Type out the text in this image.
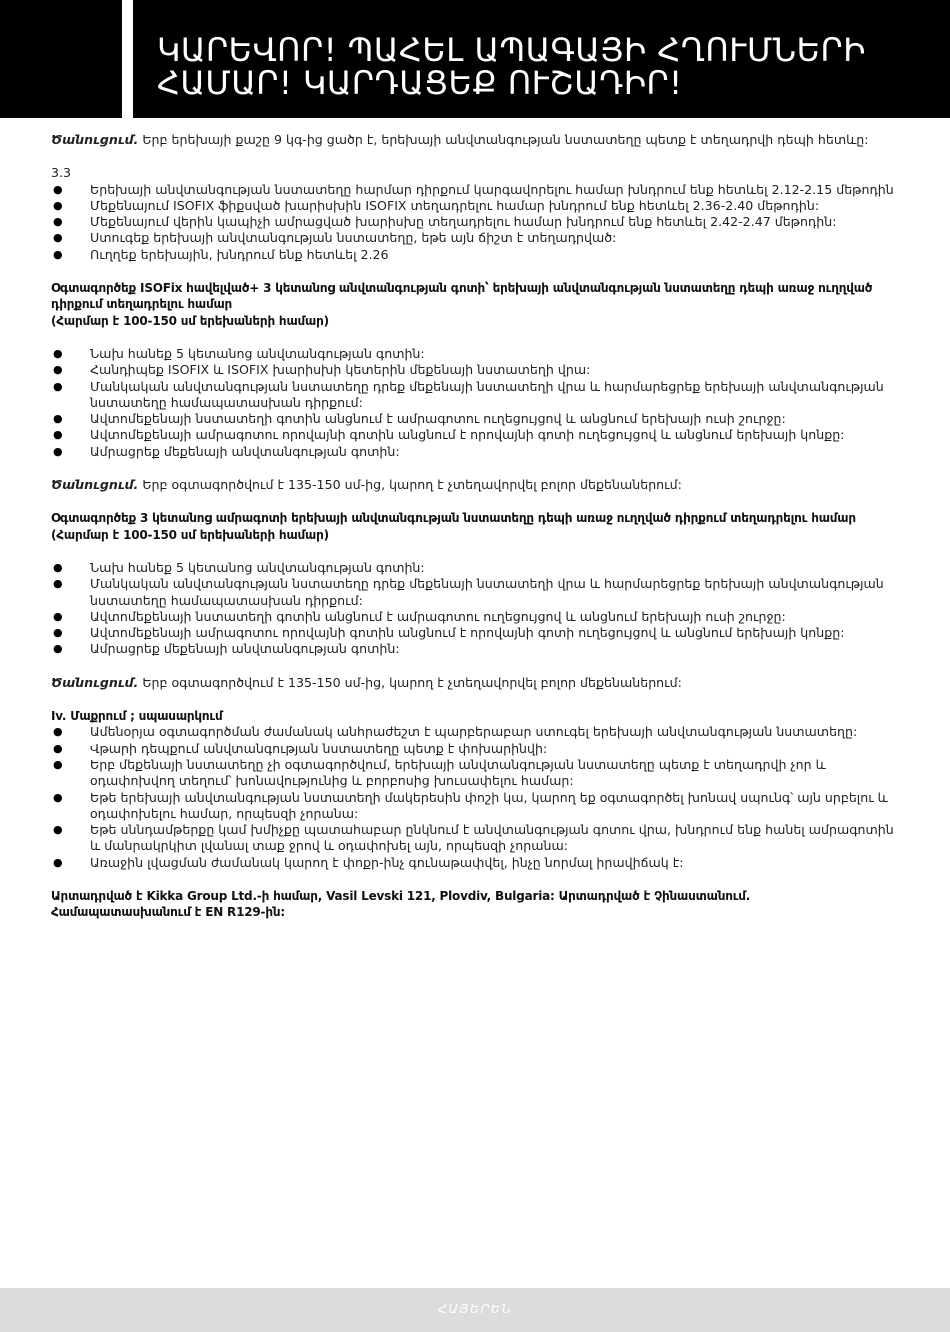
ԿԱՐԵՎՈՐ! ՊԱՀԵԼ ԱՊԱԳԱՅԻ ՀՂՈՒՄՆԵՐԻ
ՀԱՄԱՐ! ԿԱՐԴԱՑԵՔ ՈՒՇԱԴԻՐ!

Ծանուցում. Երբ երեխայի քաշը 9 կգ-ից ցածր է, երեխայի անվտանգության նստատեղը պետք է տեղադրվի դեպի հետևը:

3.3

● Երեխայի անվտանգության նստատեղը հարմար դիրքում կարգավորելու համար խնդրում ենք հետևել 2.12-2.15 մեթոդին
● Մեքենայում ISOFIX ֆիքսված խարիսխին ISOFIX տեղադրելու համար խնդրում ենք հետևել 2.36-2.40 մեթոդին:
● Մեքենայում վերին կապիչի ամրացված խարիսխը տեղադրելու համար խնդրում ենք հետևել 2.42-2.47 մեթոդին:
● Ստուգեք երեխայի անվտանգության նստատեղը, եթե այն ճիշտ է տեղադրված:
● Ուղղեք երեխային, խնդրում ենք հետևել 2.26

Օգտագործեք ISOFix հավելված+ 3 կետանոց անվտանգության գոտի՝ երեխայի անվտանգության նստատեղը դեպի առաջ ուղղված
դիրքում տեղադրելու համար
(Հարմար է 100-150 սմ երեխաների համար)

● Նախ հանեք 5 կետանոց անվտանգության գոտին:
● Հանդիպեք ISOFIX և ISOFIX խարիսխի կետերին մեքենայի նստատեղի վրա:
● Մանկական անվտանգության նստատեղը դրեք մեքենայի նստատեղի վրա և հարմարեցրեք երեխայի անվտանգության նստատեղը համապատասխան դիրքում:
● Ավտոմեքենայի նստատեղի գոտին անցնում է ամրագոտու ուղեցույցով և անցնում երեխայի ուսի շուրջը:
● Ավտոմեքենայի ամրագոտու որովայնի գոտին անցնում է որովայնի գոտի ուղեցույցով և անցնում երեխայի կոնքը:
● Ամրացրեք մեքենայի անվտանգության գոտին:

Ծանուցում. Երբ օգտագործվում է 135-150 սմ-ից, կարող է չտեղավորվել բոլոր մեքենաներում:

Օգտագործեք 3 կետանոց ամրագոտի երեխայի անվտանգության նստատեղը դեպի առաջ ուղղված դիրքում տեղադրելու համար
(Հարմար է 100-150 սմ երեխաների համար)

● Նախ հանեք 5 կետանոց անվտանգության գոտին:
● Մանկական անվտանգության նստատեղը դրեք մեքենայի նստատեղի վրա և հարմարեցրեք երեխայի անվտանգության նստատեղը համապատասխան դիրքում:
● Ավտոմեքենայի նստատեղի գոտին անցնում է ամրագոտու ուղեցույցով և անցնում երեխայի ուսի շուրջը:
● Ավտոմեքենայի ամրագոտու որովայնի գոտին անցնում է որովայնի գոտի ուղեցույցով և անցնում երեխայի կոնքը:
● Ամրացրեք մեքենայի անվտանգության գոտին:

Ծանուցում. Երբ օգտագործվում է 135-150 սմ-ից, կարող է չտեղավորվել բոլոր մեքենաներում:

Iv. Մաքրում ; սպասարկում

● Ամենօրյա օգտագործման ժամանակ անհրաժեշտ է պարբերաբար ստուգել երեխայի անվտանգության նստատեղը:
● Վթարի դեպքում անվտանգության նստատեղը պետք է փոխարինվի:
● Երբ մեքենայի նստատեղը չի օգտագործվում, երեխայի անվտանգության նստատեղը պետք է տեղադրվի չոր և օդափոխվող տեղում՝ խոնավությունից և բորբոսից խուսափելու համար:
● Եթե երեխայի անվտանգության նստատեղի մակերեսին փոշի կա, կարող եք օգտագործել խոնավ սպունգ՝ այն սրբելու և օդափոխելու համար, որպեսզի չորանա:
● Եթե սննդամթերքը կամ խմիչքը պատահաբար ընկնում է անվտանգության գոտու վրա, խնդրում ենք հանել ամրագոտին և մանրակրկիտ լվանալ տաք ջրով և օդափոխել այն, որպեսզի չորանա:
● Առաջին լվացման ժամանակ կարող է փոքր-ինչ գունաթափվել, ինչը նորմալ իրավիճակ է:

Արտադրված է Kikka Group Ltd.-ի համար, Vasil Levski 121, Plovdiv, Bulgaria: Արտադրված է Չինաստանում.
Համապատասխանում է EN R129-ին:

ՀԱՅԵՐԵՆ
